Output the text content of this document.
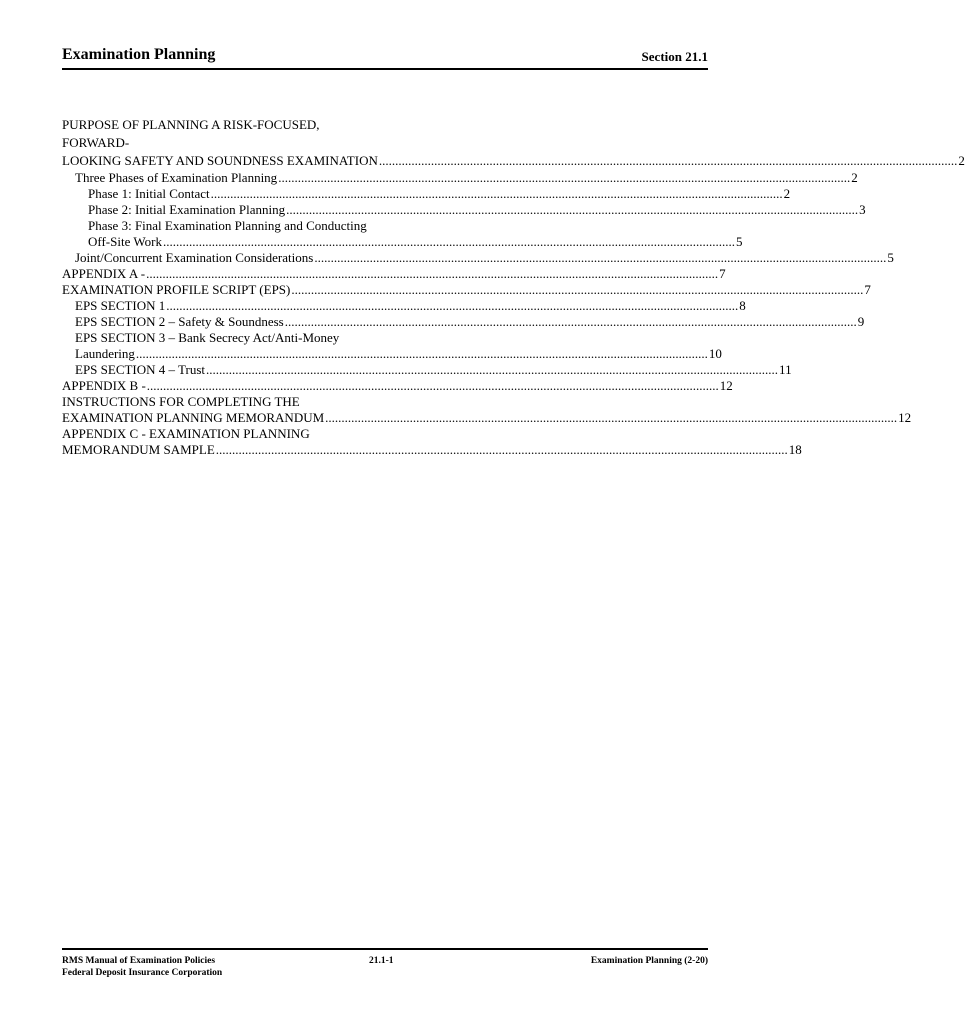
Examination Planning	Section 21.1
PURPOSE OF PLANNING A RISK-FOCUSED, FORWARD-
LOOKING SAFETY AND SOUNDNESS EXAMINATION	..... .. 2
Three Phases of Examination Planning .....	2
Phase 1: Initial Contact .....	2
Phase 2: Initial Examination Planning .....	3
Phase 3: Final Examination Planning and Conducting
Off-Site Work .....	5
Joint/Concurrent Examination Considerations .....	5
APPENDIX A - .....	7
EXAMINATION PROFILE SCRIPT (EPS) .....	7
EPS SECTION 1 .....	8
EPS SECTION 2 – Safety & Soundness .....	9
EPS SECTION 3 – Bank Secrecy Act/Anti-Money
Laundering .....	10
EPS SECTION 4 – Trust .....	11
APPENDIX B - .....	12
INSTRUCTIONS FOR COMPLETING THE
EXAMINATION PLANNING MEMORANDUM .....	12
APPENDIX C - EXAMINATION PLANNING
MEMORANDUM SAMPLE .....	18
RMS Manual of Examination Policies
Federal Deposit Insurance Corporation
21.1-1	Examination Planning (2-20)
